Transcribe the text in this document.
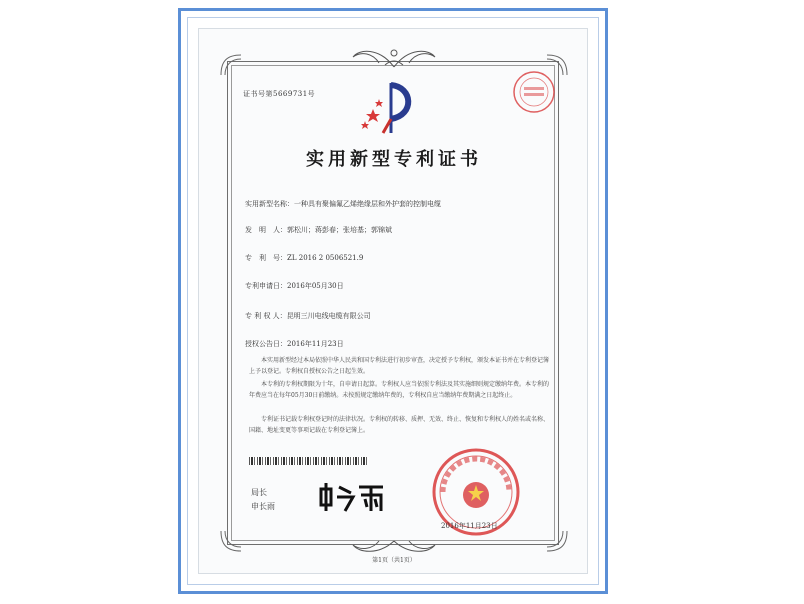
证书号第5669731号
实用新型专利证书
实用新型名称：一种具有聚偏氟乙烯绝缘层和外护套的控制电缆
发　明　人：郭松川；蒋彭春；张培基；郭锦斌
专　利　号：ZL 2016 2 0506521.9
专利申请日：2016年05月30日
专 利 权 人：昆明三川电线电缆有限公司
授权公告日：2016年11月23日
本实用新型经过本局依照中华人民共和国专利法进行初步审查，决定授予专利权，颁发本证书并在专利登记簿上予以登记。专利权自授权公告之日起生效。
本专利的专利权期限为十年，自申请日起算。专利权人应当依照专利法及其实施细则规定缴纳年费。本专利的年费应当在每年05月30日前缴纳。未按照规定缴纳年费的，专利权自应当缴纳年费期满之日起终止。
专利证书记载专利权登记时的法律状况。专利权的转移、质押、无效、终止、恢复和专利权人的姓名或名称、国籍、地址变更等事项记载在专利登记簿上。
局长
申长雨
2016年11月23日
第1页（共1页）
